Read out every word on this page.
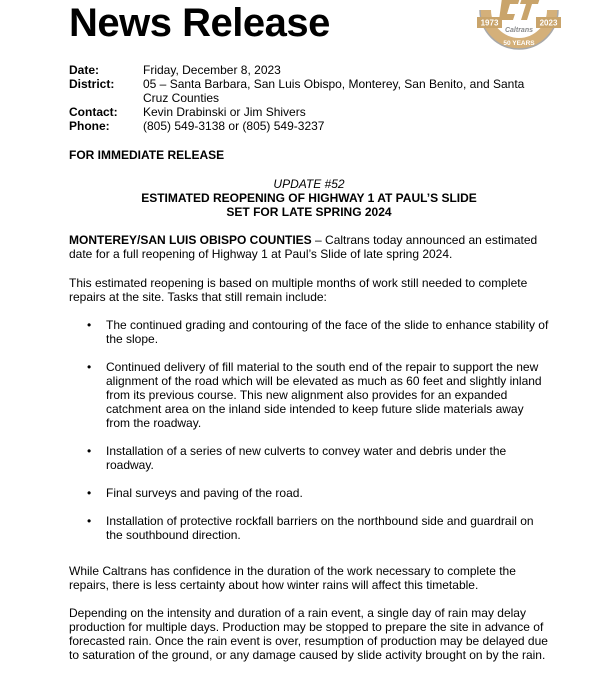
News Release	Caltrans
1973	2023
50 YEARS
Date:	Friday, December 8, 2023
District:	05 – Santa Barbara, San Luis Obispo, Monterey, San Benito, and Santa Cruz Counties
Contact:	Kevin Drabinski or Jim Shivers
Phone:	(805) 549-3138 or (805) 549-3237
FOR IMMEDIATE RELEASE
UPDATE #52
ESTIMATED REOPENING OF HIGHWAY 1 AT PAUL’S SLIDE
SET FOR LATE SPRING 2024

MONTEREY/SAN LUIS OBISPO COUNTIES – Caltrans today announced an estimated date for a full reopening of Highway 1 at Paul’s Slide of late spring 2024.

This estimated reopening is based on multiple months of work still needed to complete repairs at the site. Tasks that still remain include:

• The continued grading and contouring of the face of the slide to enhance stability of the slope.
• Continued delivery of fill material to the south end of the repair to support the new alignment of the road which will be elevated as much as 60 feet and slightly inland from its previous course. This new alignment also provides for an expanded catchment area on the inland side intended to keep future slide materials away from the roadway.
• Installation of a series of new culverts to convey water and debris under the roadway.
• Final surveys and paving of the road.
• Installation of protective rockfall barriers on the northbound side and guardrail on the southbound direction.

While Caltrans has confidence in the duration of the work necessary to complete the repairs, there is less certainty about how winter rains will affect this timetable.

Depending on the intensity and duration of a rain event, a single day of rain may delay production for multiple days. Production may be stopped to prepare the site in advance of forecasted rain. Once the rain event is over, resumption of production may be delayed due to saturation of the ground, or any damage caused by slide activity brought on by the rain.
